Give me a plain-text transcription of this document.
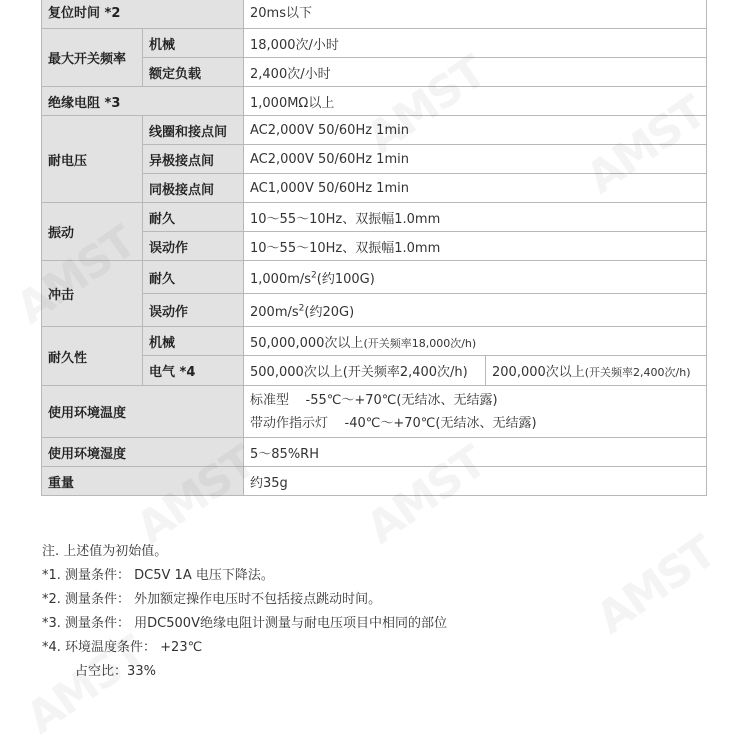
复位时间 *2		20ms以下	
最大开关频率	机械	18,000次/小时	
	额定负载	2,400次/小时	
绝缘电阻 *3		1,000MΩ以上	
耐电压	线圈和接点间	AC2,000V 50/60Hz 1min	
	异极接点间	AC2,000V 50/60Hz 1min	
	同极接点间	AC1,000V 50/60Hz 1min	
振动	耐久	10～55～10Hz、双振幅1.0mm	
	误动作	10～55～10Hz、双振幅1.0mm	
冲击	耐久	$1,000m/s^2$(约100G)	
	误动作	$200m/s^2$(约20G)	
耐久性	机械	50,000,000次以上(开关频率18,000次/h)	
	电气 *4	500,000次以上(开关频率2,400次/h)	200,000次以上(开关频率2,400次/h)
使用环境温度		标准型    -55℃～+70℃(无结冰、无结露)
带动作指示灯    -40℃～+70℃(无结冰、无结露)	

使用环境湿度		5～85%RH	
重量		约35g	
注. 上述值为初始值。
*1. 测量条件： DC5V 1A 电压下降法。
*2. 测量条件： 外加额定操作电压时不包括接点跳动时间。
*3. 测量条件： 用DC500V绝缘电阻计测量与耐电压项目中相同的部位
*4. 环境温度条件： +23℃
占空比：33%
